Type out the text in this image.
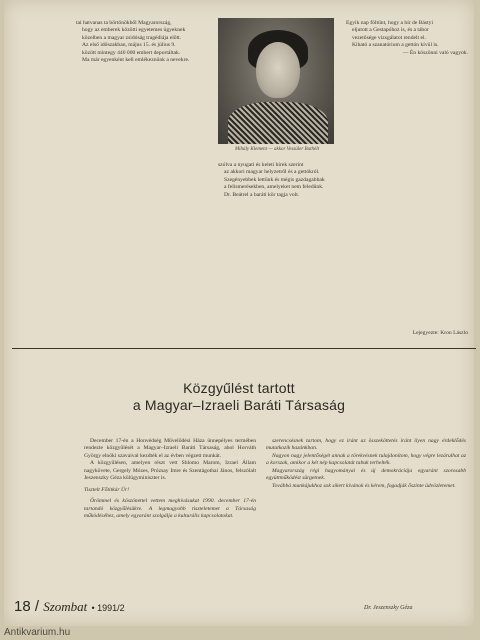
tai hatvanas ta börtönökből Magyarország,

hogy az emberek közötti egyetemes ügyeknek

közelben a magyar zsidóság tragédiája előtt.

Az első időszakban, május 15. és július 9.

között mintegy 440 000 embert deportáltak.

Ma már egyenként kell emlékeznünk a nevekre.

Mihály Klement — akkor Vessüler Bathélt

szólva a nyugati és keleti hírek szerint

az akkori magyar helyzetről és a gettókról.

Szegényebbek lettünk és mégis gazdagabbak

a felismerésekben, amelyeket nem feledünk.

Dr. Beátrel a baráti kör tagja volt.

Egyik nap föltűnt, hogy a hír de Bástyi

eljutott a Gestapóhoz is, és a tábor

vezetősége vizsgálatot rendelt el.

Kiható a szanatórium a gettón kívül is.

— Én köszönni való vagyok.

Lejegyezte: Kron Lászlo

Közgyűlést tartott
a Magyar–Izraeli Baráti Társaság

December 17-én a Honvédség Művelődési Háza ünnepélyes termében rendezte közgyűlését a Magyar–Izraeli Baráti Társaság, ahol Horváth György elnöki szavaival kezdték el az évben végzett munkát.

A közgyűlésen, amelyen részt vett Shlomo Marom, Izrael Állam nagykövete, Gergely Mózes, Prózsay Imre és Szentágothai János, felszólalt Jeszenszky Géza külügyminiszter is.

Tisztelt Főtitkár Úr!

Örömmel és köszönettel vettem meghívásukat 1990. december 17-én tartandó közgyűlésükre. A legmagyobb tiszteletemet a Társaság működéséhez, amely egyaránt szolgálja a kulturális kapcsolatokat.

szerencsésnek tartom, hogy ez iránt az összeköttetés iránt ilyen nagy érdeklődés mutatkozik hazánkban.

Nagyon nagy jelentőségét annak a törekvésnek tulajdonítom, hogy végre lezárulhat az a korszak, amikor a két nép kapcsolatát tabuk terhelték.

Magyarország régi hagyományai és új demokráciája egyaránt szorosabb együttműködést sürgetnek.

Továbbá munkájukhoz sok sikert kívánok és kérem, fogadják őszinte üdvözletemet.

Dr. Jeszenszky Géza
18 / Szombat • 1991/2
Antikvarium.hu
